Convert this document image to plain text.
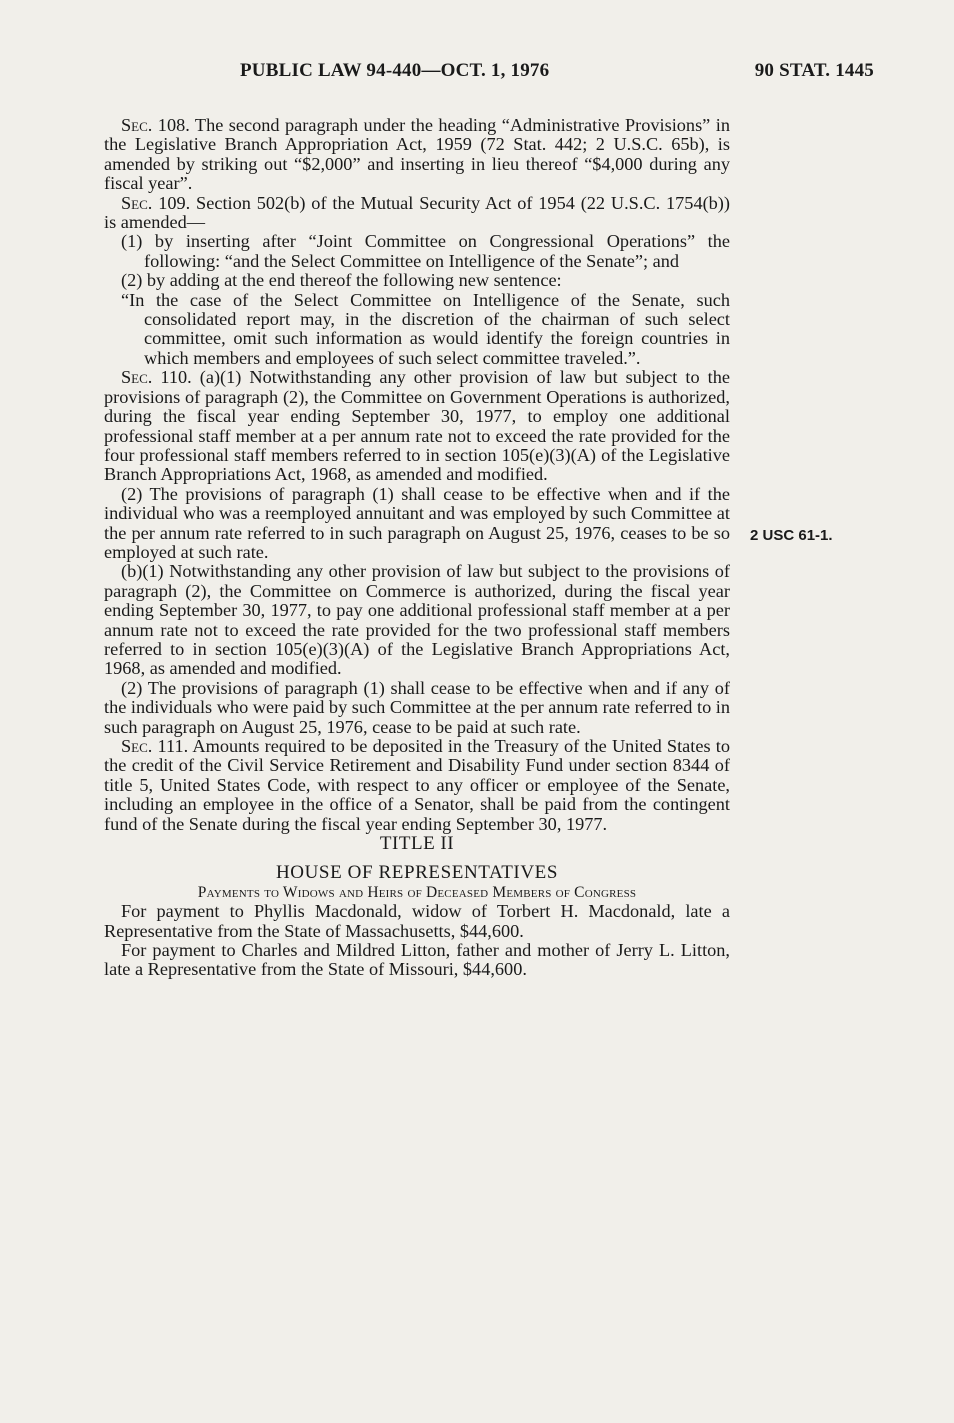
PUBLIC LAW 94-440—OCT. 1, 1976	90 STAT. 1445
2 USC 61-1.

Sec. 108. The second paragraph under the heading “Administrative Provisions” in the Legislative Branch Appropriation Act, 1959 (72 Stat. 442; 2 U.S.C. 65b), is amended by striking out “$2,000” and inserting in lieu thereof “$4,000 during any fiscal year”.

Sec. 109. Section 502(b) of the Mutual Security Act of 1954 (22 U.S.C. 1754(b)) is amended—

(1) by inserting after “Joint Committee on Congressional Operations” the following: “and the Select Committee on Intelligence of the Senate”; and

(2) by adding at the end thereof the following new sentence:

“In the case of the Select Committee on Intelligence of the Senate, such consolidated report may, in the discretion of the chairman of such select committee, omit such information as would identify the foreign countries in which members and employees of such select committee traveled.”.

Sec. 110. (a)(1) Notwithstanding any other provision of law but subject to the provisions of paragraph (2), the Committee on Government Operations is authorized, during the fiscal year ending September 30, 1977, to employ one additional professional staff member at a per annum rate not to exceed the rate provided for the four professional staff members referred to in section 105(e)(3)(A) of the Legislative Branch Appropriations Act, 1968, as amended and modified.

(2) The provisions of paragraph (1) shall cease to be effective when and if the individual who was a reemployed annuitant and was employed by such Committee at the per annum rate referred to in such paragraph on August 25, 1976, ceases to be so employed at such rate.

(b)(1) Notwithstanding any other provision of law but subject to the provisions of paragraph (2), the Committee on Commerce is authorized, during the fiscal year ending September 30, 1977, to pay one additional professional staff member at a per annum rate not to exceed the rate provided for the two professional staff members referred to in section 105(e)(3)(A) of the Legislative Branch Appropriations Act, 1968, as amended and modified.

(2) The provisions of paragraph (1) shall cease to be effective when and if any of the individuals who were paid by such Committee at the per annum rate referred to in such paragraph on August 25, 1976, cease to be paid at such rate.

Sec. 111. Amounts required to be deposited in the Treasury of the United States to the credit of the Civil Service Retirement and Disability Fund under section 8344 of title 5, United States Code, with respect to any officer or employee of the Senate, including an employee in the office of a Senator, shall be paid from the contingent fund of the Senate during the fiscal year ending September 30, 1977.

TITLE II

HOUSE OF REPRESENTATIVES

Payments to Widows and Heirs of Deceased Members of Congress

For payment to Phyllis Macdonald, widow of Torbert H. Macdonald, late a Representative from the State of Massachusetts, $44,600.

For payment to Charles and Mildred Litton, father and mother of Jerry L. Litton, late a Representative from the State of Missouri, $44,600.
